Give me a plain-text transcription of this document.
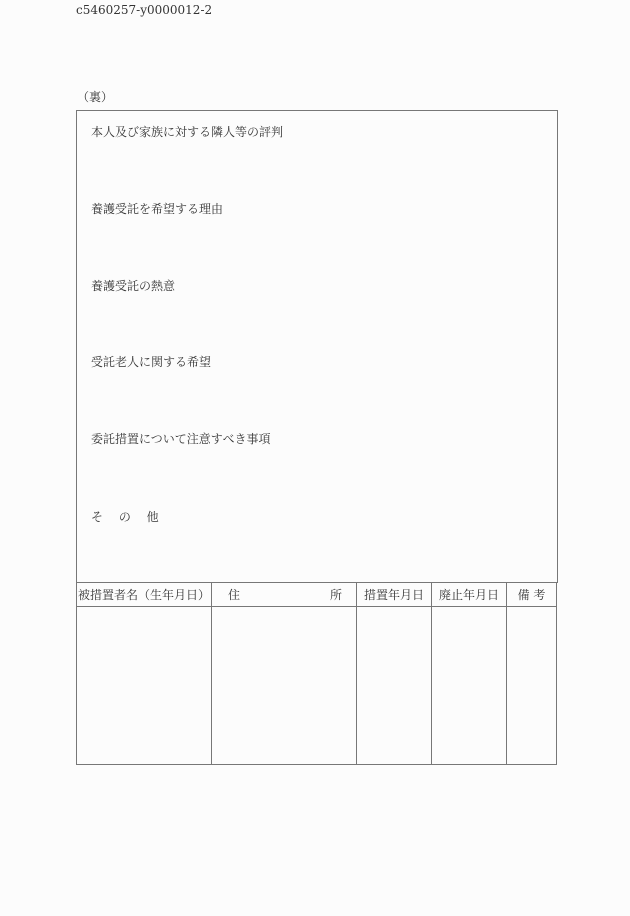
c5460257-y0000012-2
（裏）
本人及び家族に対する隣人等の評判
養護受託を希望する理由
養護受託の熱意
受託老人に関する希望
委託措置について注意すべき事項
そ　 の　 他
被措置者名（生年月日）	住 所	措置年月日	廃止年月日	備 考
